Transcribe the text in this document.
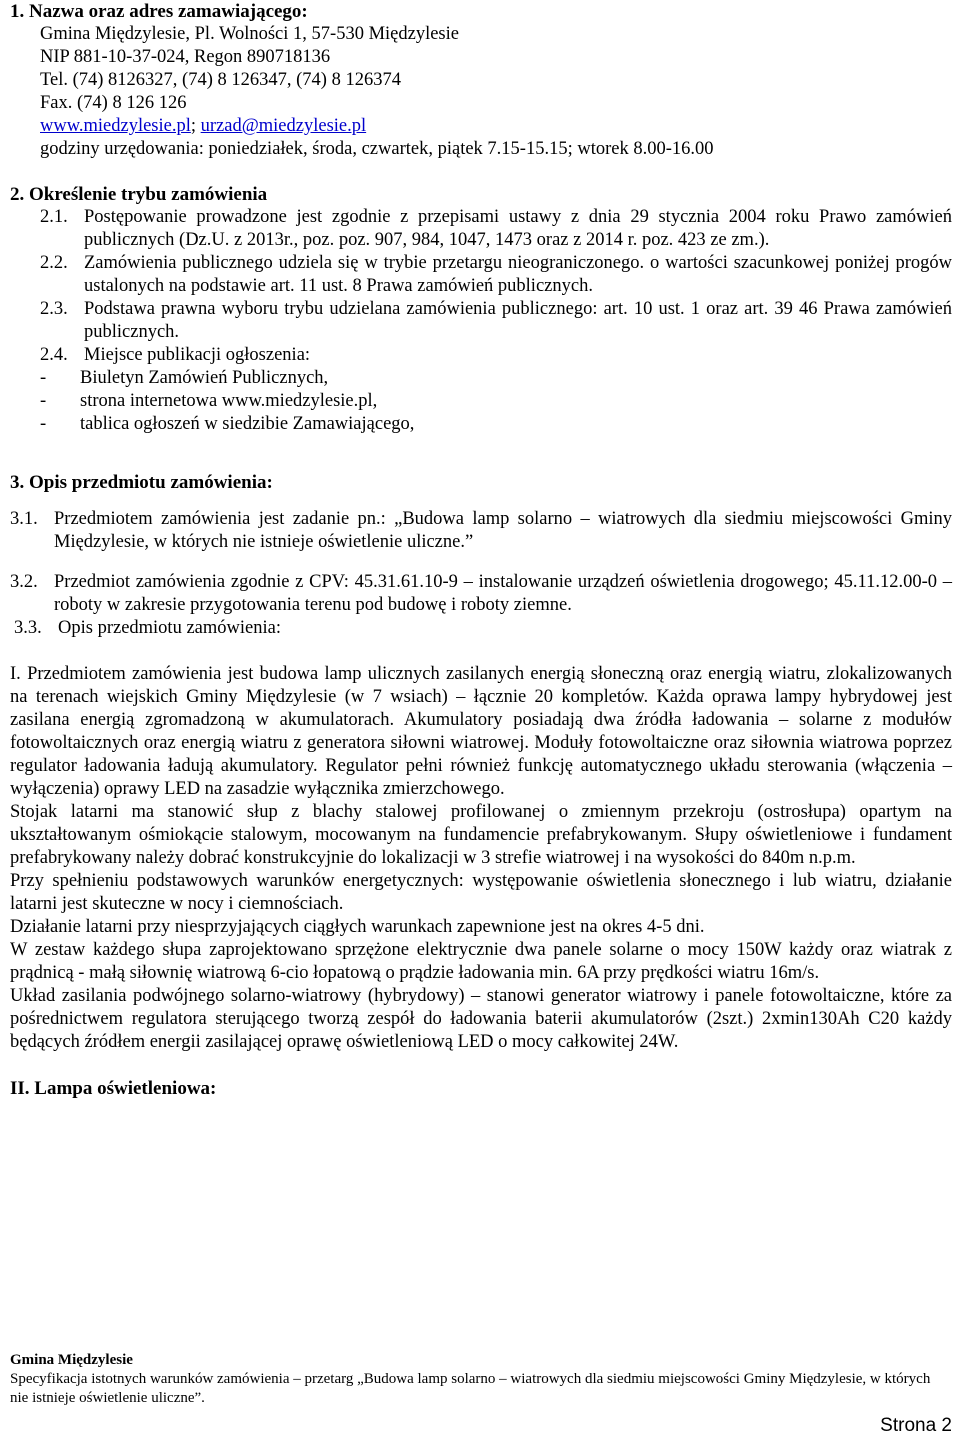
1. Nazwa oraz adres zamawiającego:
Gmina Międzylesie, Pl. Wolności 1, 57-530 Międzylesie
NIP 881-10-37-024, Regon 890718136
Tel. (74) 8126327, (74) 8 126347, (74) 8 126374
Fax. (74) 8 126 126
www.miedzylesie.pl; urzad@miedzylesie.pl
godziny urzędowania: poniedziałek, środa, czwartek, piątek 7.15-15.15; wtorek 8.00-16.00
2. Określenie trybu zamówienia
2.1. Postępowanie prowadzone jest zgodnie z przepisami ustawy z dnia 29 stycznia 2004 roku Prawo zamówień publicznych (Dz.U. z 2013r., poz. poz. 907, 984, 1047, 1473 oraz z 2014 r. poz. 423 ze zm.).
2.2. Zamówienia publicznego udziela się w trybie przetargu nieograniczonego. o wartości szacunkowej poniżej progów ustalonych na podstawie art. 11 ust. 8 Prawa zamówień publicznych.
2.3. Podstawa prawna wyboru trybu udzielana zamówienia publicznego: art. 10 ust. 1 oraz art. 39 46 Prawa zamówień publicznych.
2.4. Miejsce publikacji ogłoszenia:
-	Biuletyn Zamówień Publicznych,
-	strona internetowa www.miedzylesie.pl,
-	tablica ogłoszeń w siedzibie Zamawiającego,
3. Opis przedmiotu zamówienia:
3.1. Przedmiotem zamówienia jest zadanie pn.: „Budowa lamp solarno – wiatrowych dla siedmiu miejscowości Gminy Międzylesie, w których nie istnieje oświetlenie uliczne.”
3.2. Przedmiot zamówienia zgodnie z CPV: 45.31.61.10-9 – instalowanie urządzeń oświetlenia drogowego; 45.11.12.00-0 – roboty w zakresie przygotowania terenu pod budowę i roboty ziemne.
3.3. Opis przedmiotu zamówienia:
I. Przedmiotem zamówienia jest budowa lamp ulicznych zasilanych energią słoneczną oraz energią wiatru, zlokalizowanych na terenach wiejskich Gminy Międzylesie (w 7 wsiach) – łącznie 20 kompletów. Każda oprawa lampy hybrydowej jest zasilana energią zgromadzoną w akumulatorach. Akumulatory posiadają dwa źródła ładowania – solarne z modułów fotowoltaicznych oraz energią wiatru z generatora siłowni wiatrowej. Moduły fotowoltaiczne oraz siłownia wiatrowa poprzez regulator ładowania ładują akumulatory. Regulator pełni również funkcję automatycznego układu sterowania (włączenia – wyłączenia) oprawy LED na zasadzie wyłącznika zmierzchowego.
Stojak latarni ma stanowić słup z blachy stalowej profilowanej o zmiennym przekroju (ostrosłupa) opartym na ukształtowanym ośmiokącie stalowym, mocowanym na fundamencie prefabrykowanym. Słupy oświetleniowe i fundament prefabrykowany należy dobrać konstrukcyjnie do lokalizacji w 3 strefie wiatrowej i na wysokości do 840m n.p.m.
Przy spełnieniu podstawowych warunków energetycznych: występowanie oświetlenia słonecznego i lub wiatru, działanie latarni jest skuteczne w nocy i ciemnościach.
Działanie latarni przy niesprzyjających ciągłych warunkach zapewnione jest na okres 4-5 dni.
W zestaw każdego słupa zaprojektowano sprzężone elektrycznie dwa panele solarne o mocy 150W każdy oraz wiatrak z prądnicą - małą siłownię wiatrową 6-cio łopatową o prądzie ładowania min. 6A przy prędkości wiatru 16m/s.
Układ zasilania podwójnego solarno-wiatrowy (hybrydowy) – stanowi generator wiatrowy i panele fotowoltaiczne, które za pośrednictwem regulatora sterującego tworzą zespół do ładowania baterii akumulatorów (2szt.) 2xmin130Ah C20 każdy będących źródłem energii zasilającej oprawę oświetleniową LED o mocy całkowitej 24W.
II. Lampa oświetleniowa:
Gmina Międzylesie
Specyfikacja istotnych warunków zamówienia – przetarg „Budowa lamp solarno – wiatrowych dla siedmiu miejscowości Gminy Międzylesie, w których nie istnieje oświetlenie uliczne”.
Strona 2
